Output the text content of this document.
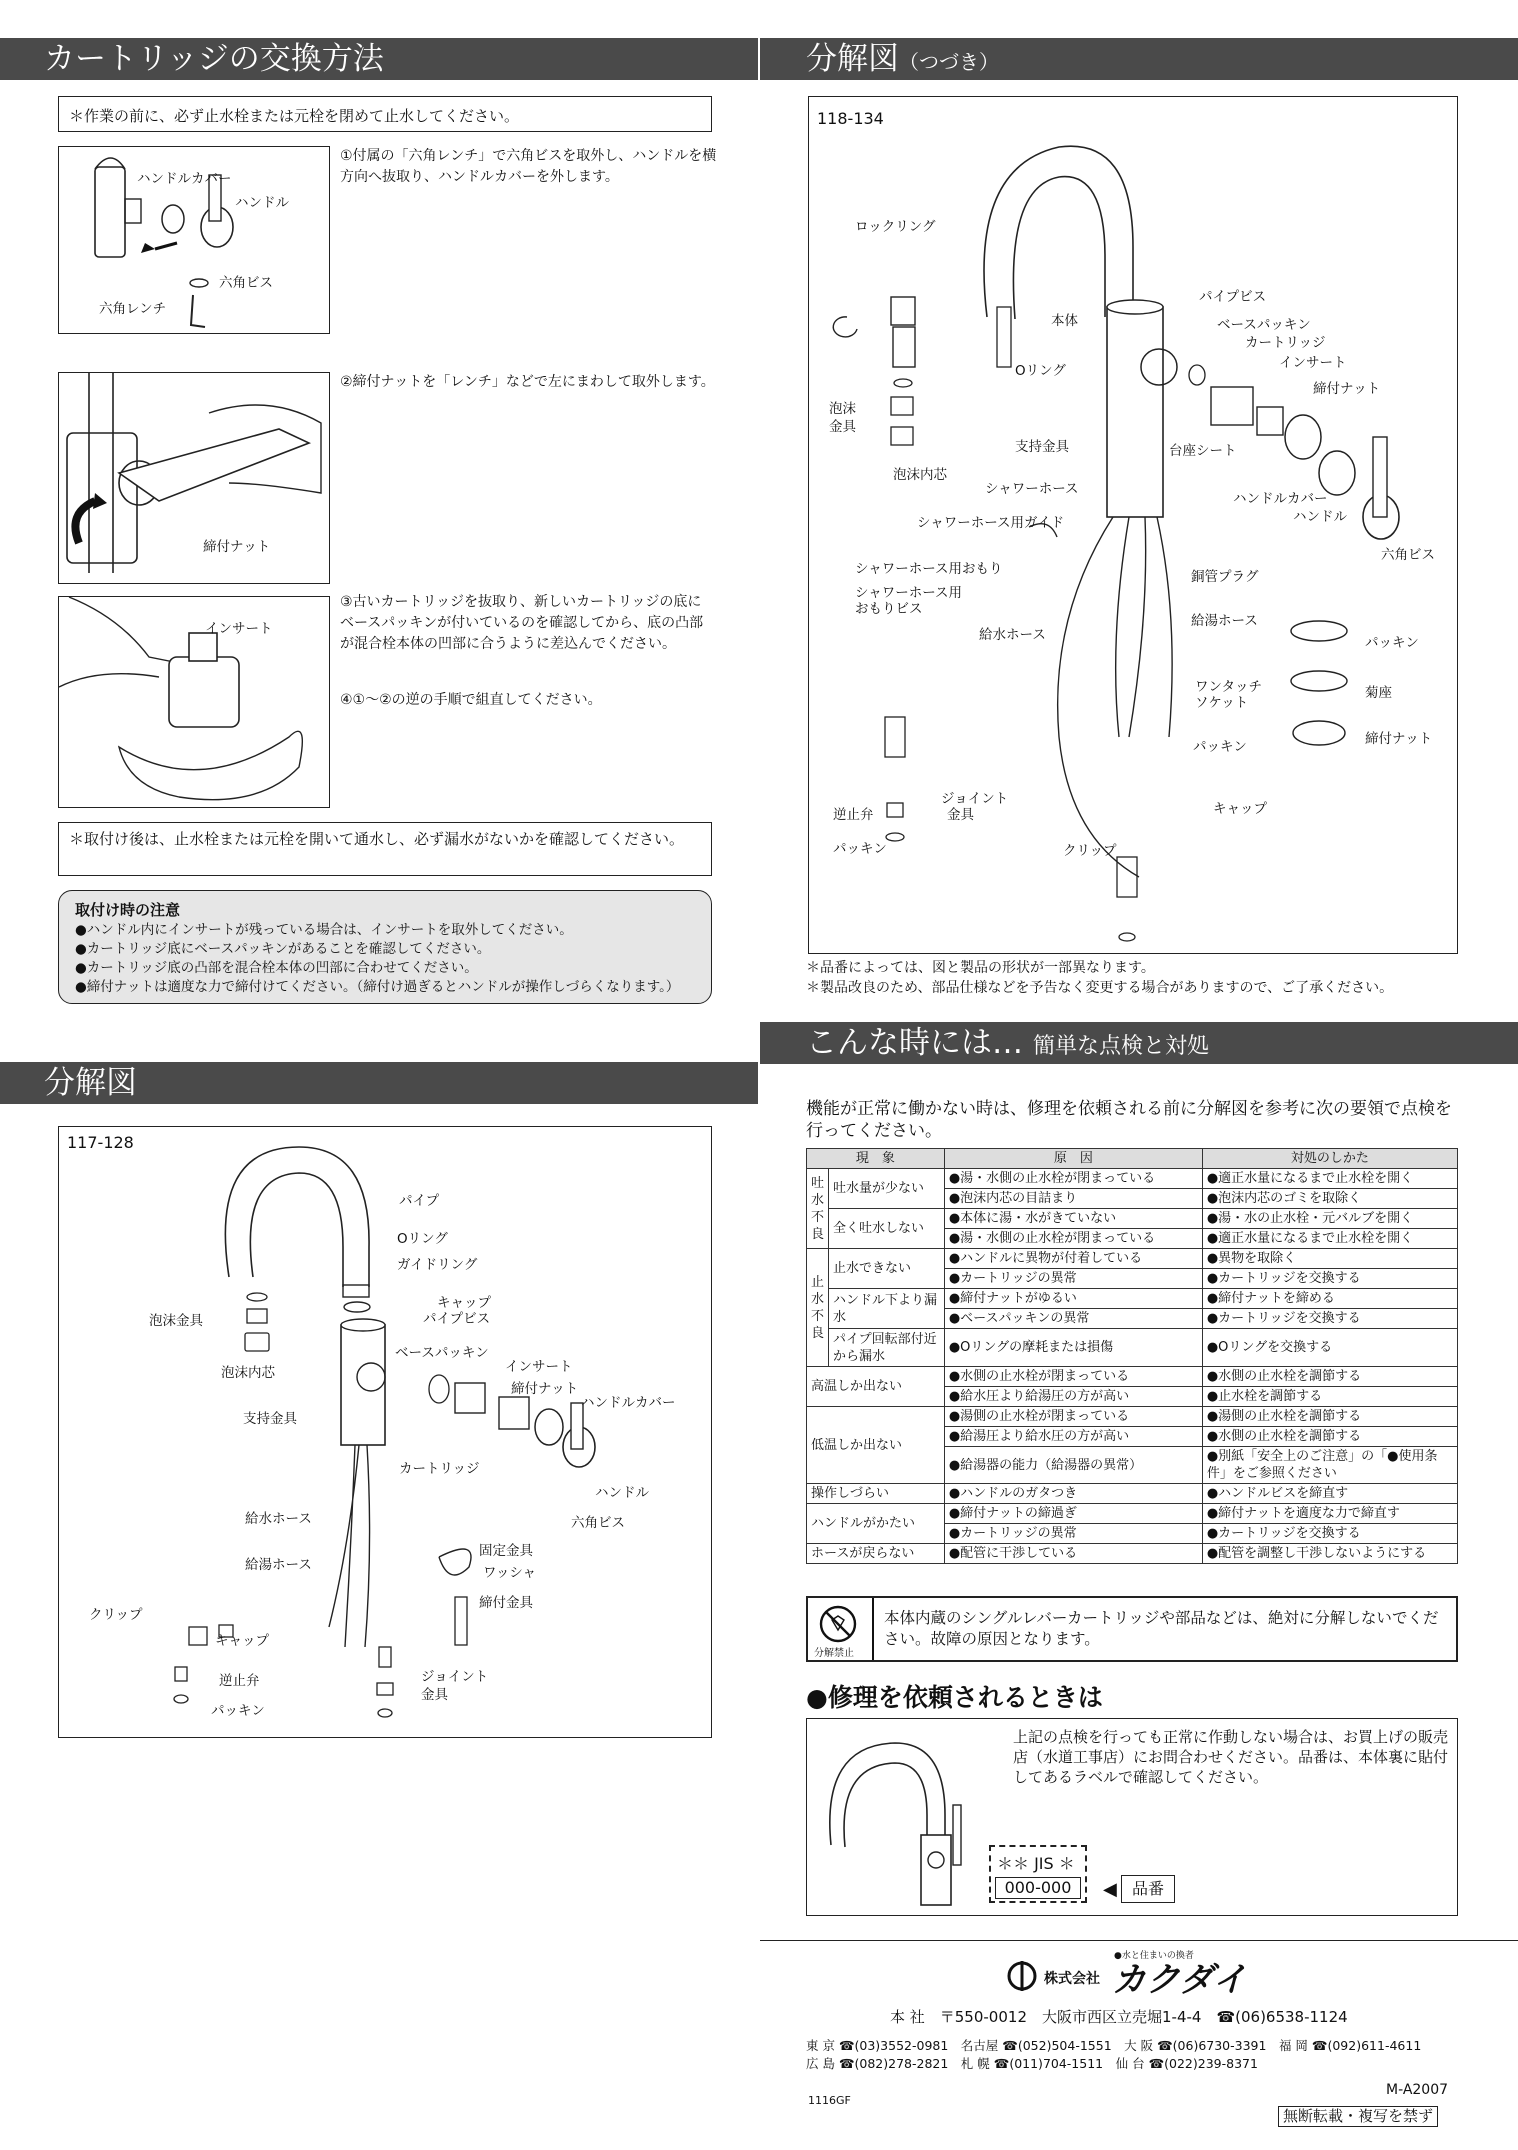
カートリッジの交換方法
＊作業の前に、必ず止水栓または元栓を閉めて止水してください。
ハンドルカバー
ハンドル
六角ビス
六角レンチ
①付属の「六角レンチ」で六角ビスを取外し、ハンドルを横方向へ抜取り、ハンドルカバーを外します。
締付ナット
②締付ナットを「レンチ」などで左にまわして取外します。
インサート
③古いカートリッジを抜取り、新しいカートリッジの底にベースパッキンが付いているのを確認してから、底の凸部が混合栓本体の凹部に合うように差込んでください。
④①～②の逆の手順で組直してください。
＊取付け後は、止水栓または元栓を開いて通水し、必ず漏水がないかを確認してください。
取付け時の注意
●ハンドル内にインサートが残っている場合は、インサートを取外してください。
●カートリッジ底にベースパッキンがあることを確認してください。
●カートリッジ底の凸部を混合栓本体の凹部に合わせてください。
●締付ナットは適度な力で締付けてください。（締付け過ぎるとハンドルが操作しづらくなります。）
分解図
117-128
パイプ
Oリング
ガイドリング
キャップ
パイプビス
泡沫金具
泡沫内芯
ベースパッキン
インサート
締付ナット
ハンドルカバー
支持金具
カートリッジ
ハンドル
六角ビス
給水ホース
固定金具
給湯ホース	ワッシャ
締付金具
クリップ
キャップ
逆止弁
パッキン
ジョイント
金具
分解図（つづき）
118-134
ロックリング
パイプビス
本体	ベースパッキン
カートリッジ
Oリング	インサート
締付ナット
泡沫
金具
支持金具	台座シート
泡沫内芯
シャワーホース
ハンドルカバー
ハンドル
シャワーホース用ガイド
六角ビス
シャワーホース用おもり	銅管プラグ
シャワーホース用
おもりビス
給湯ホース
給水ホース	パッキン
ワンタッチ
ソケット
菊座
パッキン	締付ナット
ジョイント
金具
逆止弁	キャップ
パッキン	クリップ
＊品番によっては、図と製品の形状が一部異なります。
＊製品改良のため、部品仕様などを予告なく変更する場合がありますので、ご了承ください。
こんな時には… 簡単な点検と対処
機能が正常に働かない時は、修理を依頼される前に分解図を参考に次の要領で点検を行ってください。
現　象		原　因	対処のしかた
吐水不良	吐水量が少ない	●湯・水側の止水栓が閉まっている	●適正水量になるまで止水栓を開く
		●泡沫内芯の目詰まり	●泡沫内芯のゴミを取除く
	全く吐水しない	●本体に湯・水がきていない	●湯・水の止水栓・元バルブを開く
		●湯・水側の止水栓が閉まっている	●適正水量になるまで止水栓を開く
止水不良	止水できない	●ハンドルに異物が付着している	●異物を取除く
		●カートリッジの異常	●カートリッジを交換する
	ハンドル下より漏水	●締付ナットがゆるい	●締付ナットを締める
		●ベースパッキンの異常	●カートリッジを交換する
	パイプ回転部付近から漏水	●Oリングの摩耗または損傷	●Oリングを交換する
高温しか出ない		●水側の止水栓が閉まっている	●水側の止水栓を調節する
		●給水圧より給湯圧の方が高い	●止水栓を調節する
低温しか出ない		●湯側の止水栓が閉まっている	●湯側の止水栓を調節する
		●給湯圧より給水圧の方が高い	●水側の止水栓を調節する
		●給湯器の能力（給湯器の異常）	●別紙「安全上のご注意」の「●使用条件」をご参照ください
操作しづらい		●ハンドルのガタつき	●ハンドルビスを締直す
ハンドルがかたい		●締付ナットの締過ぎ	●締付ナットを適度な力で締直す
		●カートリッジの異常	●カートリッジを交換する
ホースが戻らない		●配管に干渉している	●配管を調整し干渉しないようにする
分解禁止
本体内蔵のシングルレバーカートリッジや部品などは、絶対に分解しないでください。故障の原因となります。
●修理を依頼されるときは
上記の点検を行っても正常に作動しない場合は、お買上げの販売店（水道工事店）にお問合わせください。品番は、本体裏に貼付してあるラベルで確認してください。
＊＊ JIS ＊
000-000	◀ 品番
●水と住まいの換者
株式会社 カクダイ
本 社　〒550-0012　大阪市西区立売堀1-4-4　☎(06)6538-1124
東 京 ☎(03)3552-0981　名古屋 ☎(052)504-1551　大 阪 ☎(06)6730-3391　福 岡 ☎(092)611-4611
広 島 ☎(082)278-2821　札 幌 ☎(011)704-1511　仙 台 ☎(022)239-8371
M-A2007
1116GF
無断転載・複写を禁ず
